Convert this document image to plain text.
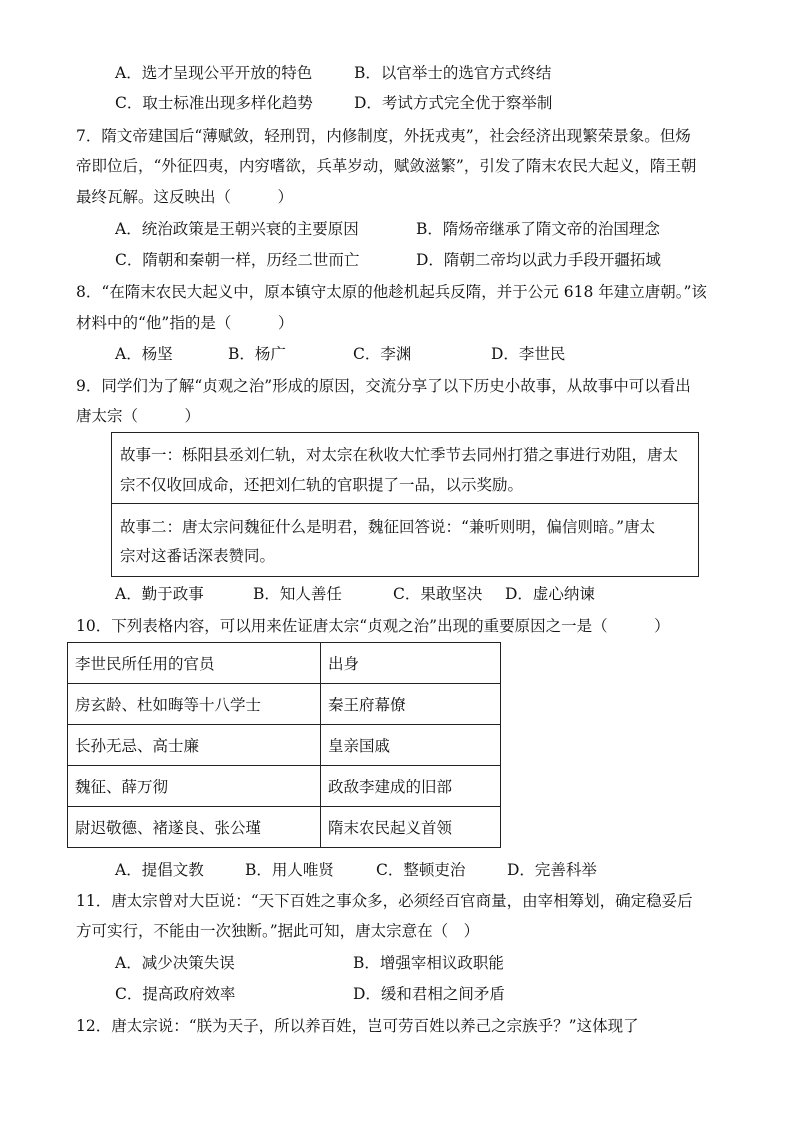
A．选才呈现公平开放的特色	B．以官举士的选官方式终结
C．取士标准出现多样化趋势	D．考试方式完全优于察举制
7．隋文帝建国后“薄赋敛，轻刑罚，内修制度，外抚戎夷”，社会经济出现繁荣景象。但炀
帝即位后，“外征四夷，内穷嗜欲，兵革岁动，赋敛滋繁”，引发了隋末农民大起义，隋王朝
最终瓦解。这反映出（　　　）
A．统治政策是王朝兴衰的主要原因	B．隋炀帝继承了隋文帝的治国理念
C．隋朝和秦朝一样，历经二世而亡	D．隋朝二帝均以武力手段开疆拓域
8．“在隋末农民大起义中，原本镇守太原的他趁机起兵反隋，并于公元 618 年建立唐朝。”该
材料中的“他”指的是（　　　）
A．杨坚	B．杨广	C．李渊	D．李世民
9．同学们为了解“贞观之治”形成的原因，交流分享了以下历史小故事，从故事中可以看出
唐太宗（　　　）
故事一：栎阳县丞刘仁轨，对太宗在秋收大忙季节去同州打猎之事进行劝阻，唐太
宗不仅收回成命，还把刘仁轨的官职提了一品，以示奖励。
故事二：唐太宗问魏征什么是明君，魏征回答说：“兼听则明，偏信则暗。”唐太
宗对这番话深表赞同。
A．勤于政事	B．知人善任	C．果敢坚决 D．虚心纳谏
10．下列表格内容，可以用来佐证唐太宗“贞观之治”出现的重要原因之一是（　　　）
李世民所任用的官员	出身
房玄龄、杜如晦等十八学士	秦王府幕僚
长孙无忌、高士廉	皇亲国戚
魏征、薛万彻	政敌李建成的旧部
尉迟敬德、褚遂良、张公瑾	隋末农民起义首领
A．提倡文教	B．用人唯贤	C．整顿吏治	D．完善科举
11．唐太宗曾对大臣说：“天下百姓之事众多，必须经百官商量，由宰相筹划，确定稳妥后
方可实行，不能由一次独断。”据此可知，唐太宗意在（　）
A．减少决策失误	B．增强宰相议政职能
C．提高政府效率	D．缓和君相之间矛盾
12．唐太宗说：“朕为天子，所以养百姓，岂可劳百姓以养己之宗族乎？”这体现了
